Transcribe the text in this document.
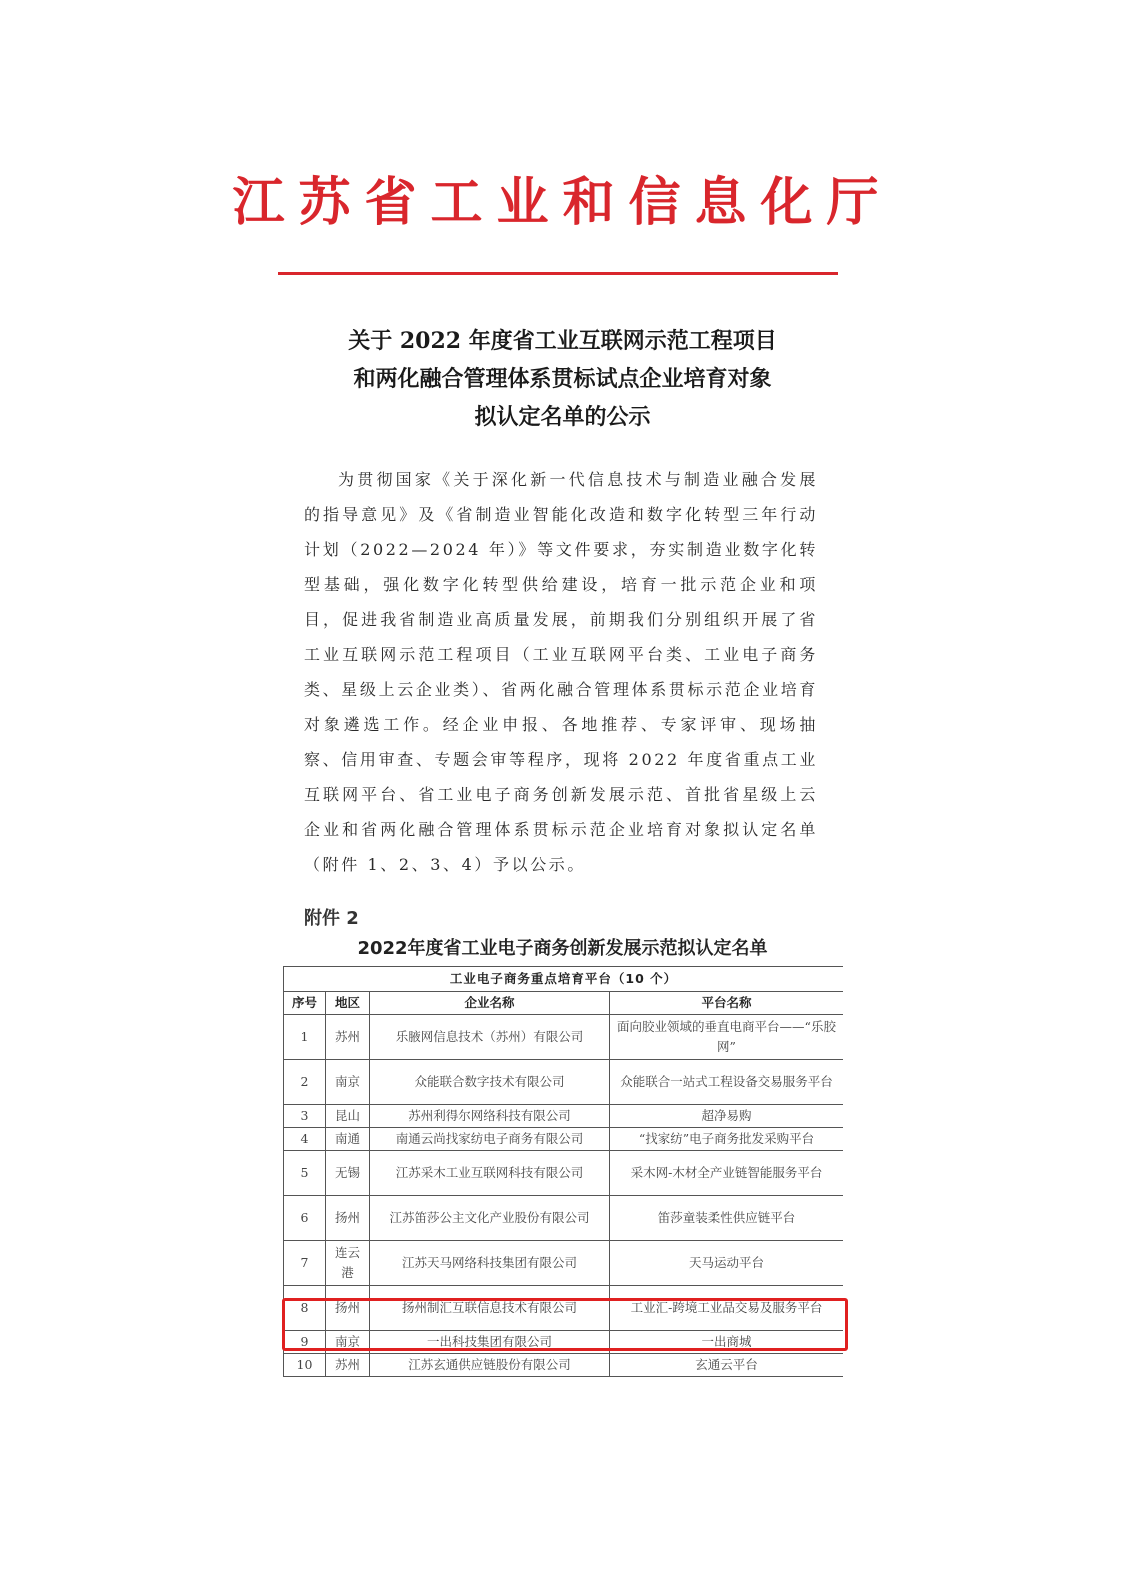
江苏省工业和信息化厅
关于 2022 年度省工业互联网示范工程项目
和两化融合管理体系贯标试点企业培育对象
拟认定名单的公示
为贯彻国家《关于深化新一代信息技术与制造业融合发展的指导意见》及《省制造业智能化改造和数字化转型三年行动计划（2022—2024 年）》等文件要求，夯实制造业数字化转型基础，强化数字化转型供给建设，培育一批示范企业和项目，促进我省制造业高质量发展，前期我们分别组织开展了省工业互联网示范工程项目（工业互联网平台类、工业电子商务类、星级上云企业类）、省两化融合管理体系贯标示范企业培育对象遴选工作。经企业申报、各地推荐、专家评审、现场抽察、信用审查、专题会审等程序，现将 2022 年度省重点工业互联网平台、省工业电子商务创新发展示范、首批省星级上云企业和省两化融合管理体系贯标示范企业培育对象拟认定名单（附件 1、2、3、4）予以公示。
附件 2
2022年度省工业电子商务创新发展示范拟认定名单
工业电子商务重点培育平台（10 个）			
序号	地区	企业名称	平台名称
1	苏州	乐腋网信息技术（苏州）有限公司	面向胶业领域的垂直电商平台——“乐胶网”
2	南京	众能联合数字技术有限公司	众能联合一站式工程设备交易服务平台
3	昆山	苏州利得尔网络科技有限公司	超净易购
4	南通	南通云尚找家纺电子商务有限公司	“找家纺”电子商务批发采购平台
5	无锡	江苏采木工业互联网科技有限公司	采木网-木材全产业链智能服务平台
6	扬州	江苏笛莎公主文化产业股份有限公司	笛莎童装柔性供应链平台
7	连云港	江苏天马网络科技集团有限公司	天马运动平台
8	扬州	扬州制汇互联信息技术有限公司	工业汇-跨境工业品交易及服务平台
9	南京	一出科技集团有限公司	一出商城
10	苏州	江苏玄通供应链股份有限公司	玄通云平台
